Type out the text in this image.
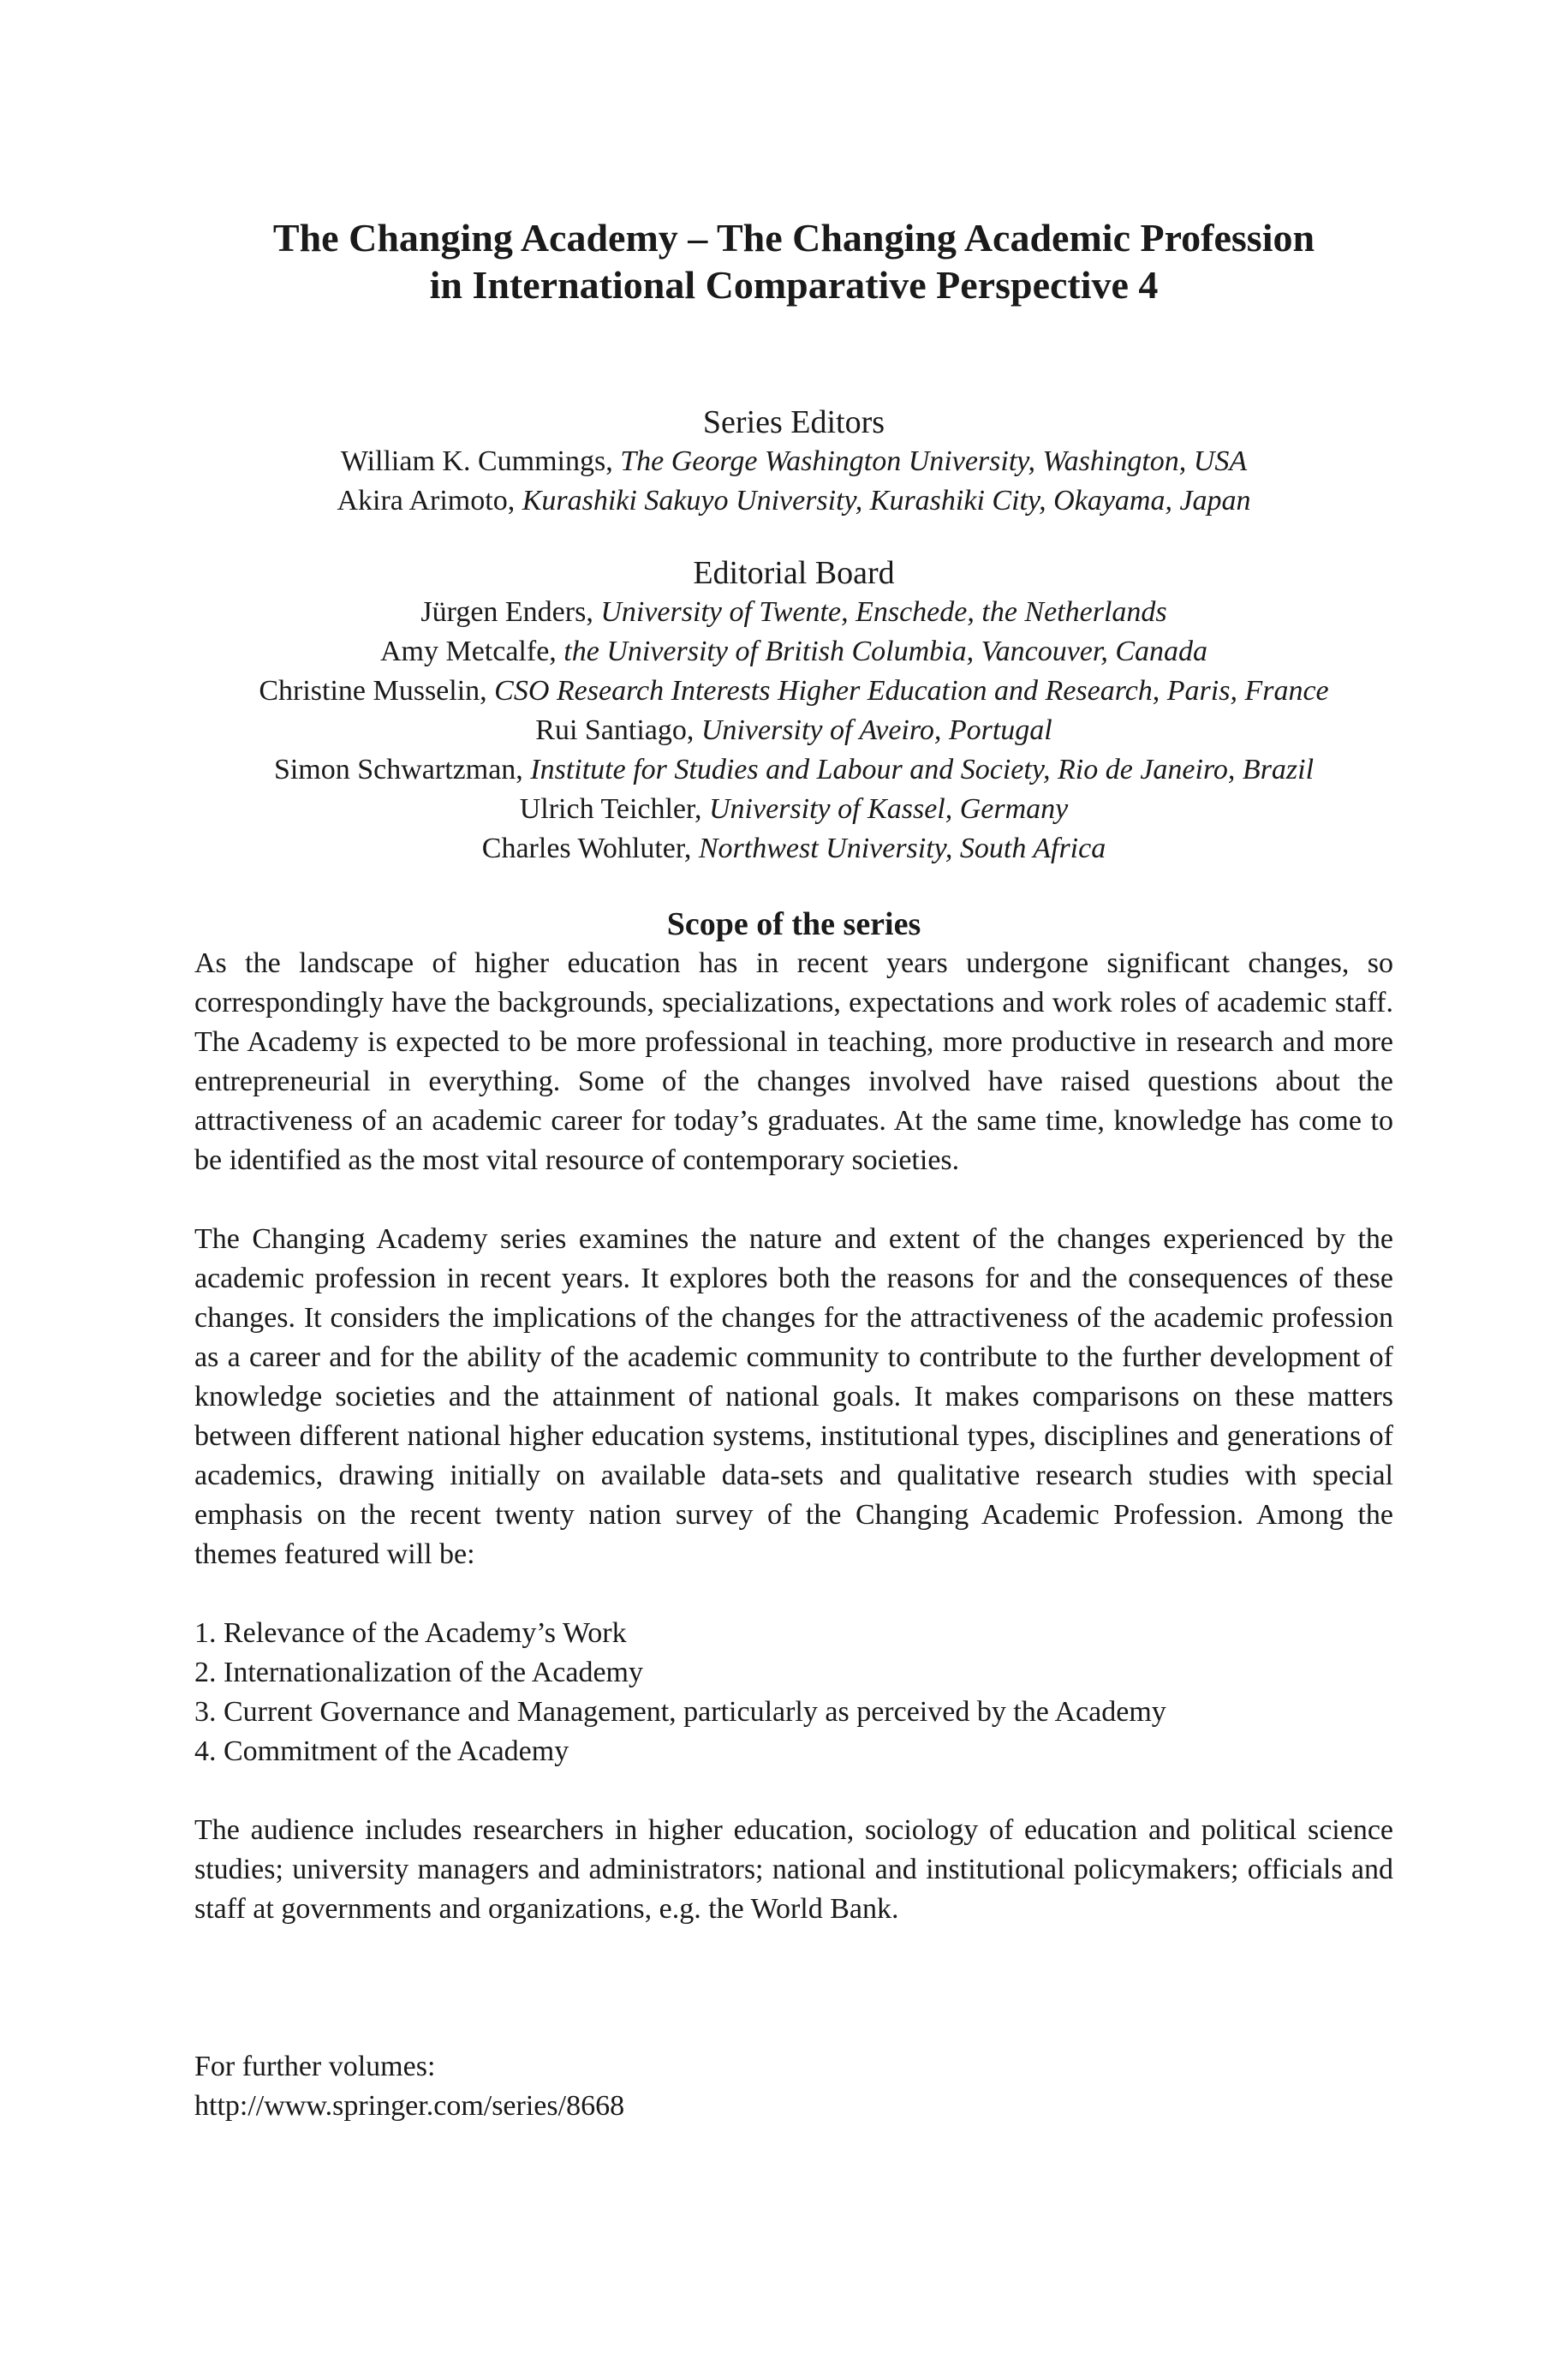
The Changing Academy – The Changing Academic Profession
in International Comparative Perspective 4
Series Editors
William K. Cummings, The George Washington University, Washington, USA
Akira Arimoto, Kurashiki Sakuyo University, Kurashiki City, Okayama, Japan
Editorial Board
Jürgen Enders, University of Twente, Enschede, the Netherlands
Amy Metcalfe, the University of British Columbia, Vancouver, Canada
Christine Musselin, CSO Research Interests Higher Education and Research, Paris, France
Rui Santiago, University of Aveiro, Portugal
Simon Schwartzman, Institute for Studies and Labour and Society, Rio de Janeiro, Brazil
Ulrich Teichler, University of Kassel, Germany
Charles Wohluter, Northwest University, South Africa
Scope of the series

As the landscape of higher education has in recent years undergone significant changes, so correspondingly have the backgrounds, specializations, expectations and work roles of academic staff. The Academy is expected to be more professional in teaching, more productive in research and more entrepreneurial in everything. Some of the changes involved have raised questions about the attractiveness of an academic career for today’s graduates. At the same time, knowledge has come to be identified as the most vital resource of contemporary societies.

The Changing Academy series examines the nature and extent of the changes experienced by the academic profession in recent years. It explores both the reasons for and the consequences of these changes. It considers the implications of the changes for the attractiveness of the academic profession as a career and for the ability of the academic community to contribute to the further development of knowledge societies and the attainment of national goals. It makes comparisons on these matters between different national higher education systems, institutional types, disciplines and generations of academics, drawing initially on available data-sets and qualitative research studies with special emphasis on the recent twenty nation survey of the Changing Academic Profession. Among the themes featured will be:

1. Relevance of the Academy’s Work
2. Internationalization of the Academy
3. Current Governance and Management, particularly as perceived by the Academy
4. Commitment of the Academy

The audience includes researchers in higher education, sociology of education and political science studies; university managers and administrators; national and institutional policymakers; officials and staff at governments and organizations, e.g. the World Bank.

For further volumes:
http://www.springer.com/series/8668
